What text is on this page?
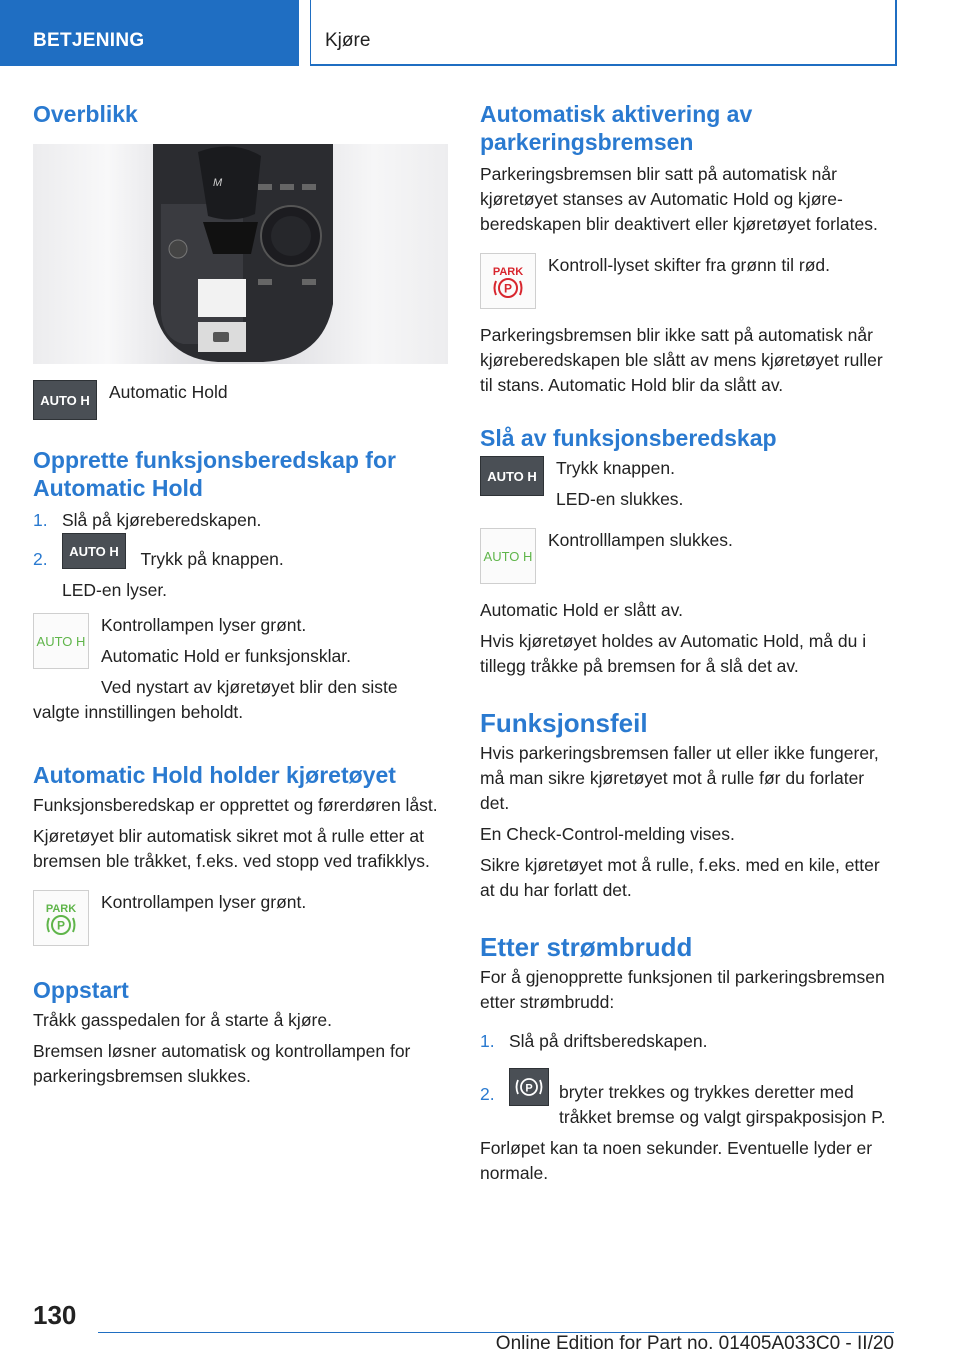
BETJENING	Kjøre
Overblikk
M
AUTO H	Automatic Hold

Opprette funksjonsberedskap for Automatic Hold
1. Slå på kjøreberedskapen.

2.	AUTO H	Trykk på knappen.

LED-en lyser.

AUTO H

Kontrollampen lyser grønt.

Automatic Hold er funksjonsklar.

Ved nystart av kjøretøyet blir den siste

valgte innstillingen beholdt.

Automatic Hold holder kjøretøyet

Funksjonsberedskap er opprettet og førerdøren låst.

Kjøretøyet blir automatisk sikret mot å rulle etter at bremsen ble tråkket, f.eks. ved stopp ved trafikklys.

PARK
P

Kontrollampen lyser grønt.

Oppstart

Tråkk gasspedalen for å starte å kjøre.

Bremsen løsner automatisk og kontrollampen for parkeringsbremsen slukkes.

Automatisk aktivering av parkeringsbremsen

Parkeringsbremsen blir satt på automatisk når kjøretøyet stanses av Automatic Hold og kjøreberedskapen blir deaktivert eller kjøretøyet forlates.

PARK
P

Kontroll-lyset skifter fra grønn til rød.

Parkeringsbremsen blir ikke satt på automatisk når kjøreberedskapen ble slått av mens kjøretøyet ruller til stans. Automatic Hold blir da slått av.

Slå av funksjonsberedskap
AUTO H	Trykk knappen.

LED-en slukkes.

AUTO H

Kontrolllampen slukkes.

Automatic Hold er slått av.

Hvis kjøretøyet holdes av Automatic Hold, må du i tillegg tråkke på bremsen for å slå det av.

Funksjonsfeil

Hvis parkeringsbremsen faller ut eller ikke fungerer, må man sikre kjøretøyet mot å rulle før du forlater det.

En Check-Control-melding vises.

Sikre kjøretøyet mot å rulle, f.eks. med en kile, etter at du har forlatt det.

Etter strømbrudd

For å gjenopprette funksjonen til parkeringsbremsen etter strømbrudd:

1. Slå på driftsberedskapen.

2.	P bryter trekkes og trykkes deretter med tråkket bremse og valgt girspakposisjon P.

Forløpet kan ta noen sekunder. Eventuelle lyder er normale.

130
Online Edition for Part no. 01405A033C0 - II/20
